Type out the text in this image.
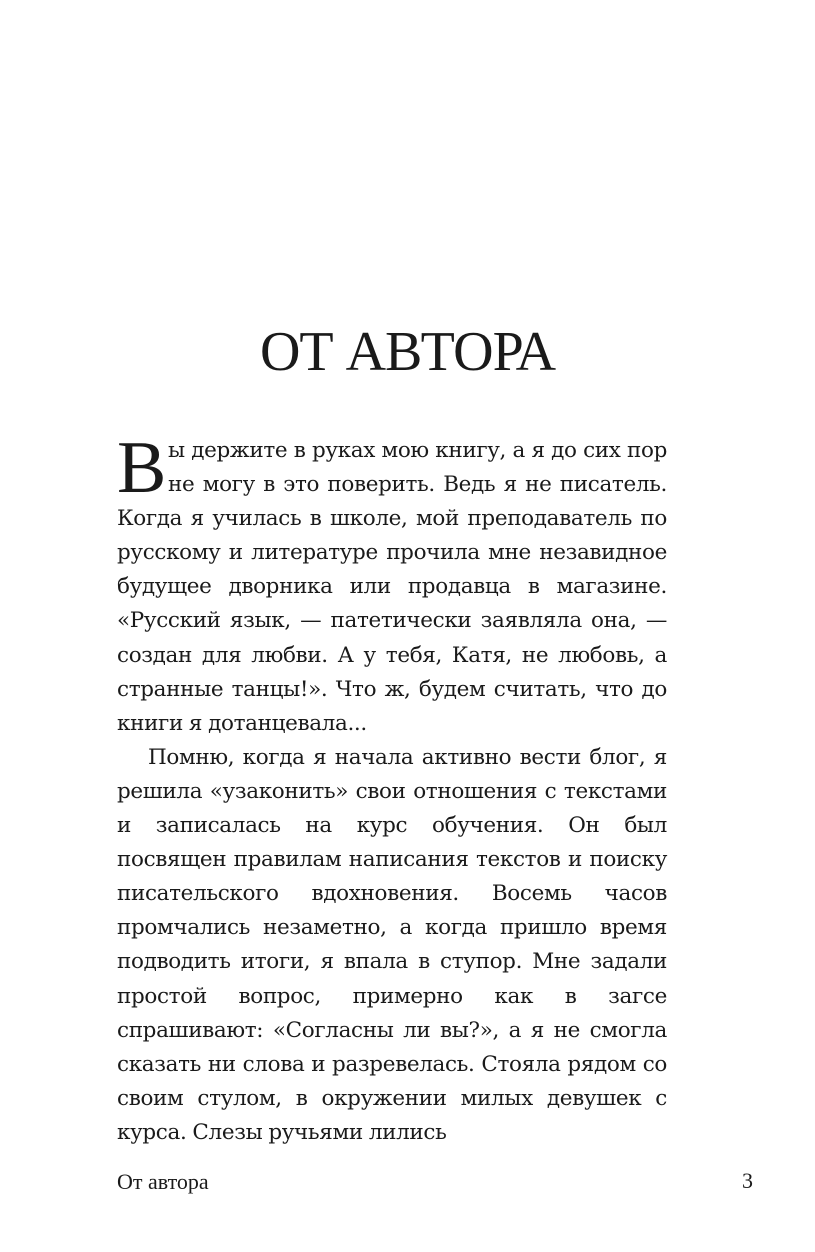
ОТ АВТОРА

Вы держите в руках мою книгу, а я до сих пор не могу в это поверить. Ведь я не писатель. Когда я училась в школе, мой преподаватель по русскому и литературе прочила мне незавидное будущее дворника или продавца в магазине. «Русский язык, — патетически заявляла она, — создан для любви. А у тебя, Катя, не любовь, а странные танцы!». Что ж, будем считать, что до книги я дотанцевала...

Помню, когда я начала активно вести блог, я решила «узаконить» свои отношения с текстами и записалась на курс обучения. Он был посвящен правилам написания текстов и поиску писательского вдохновения. Восемь часов промчались незаметно, а когда пришло время подводить итоги, я впала в ступор. Мне задали простой вопрос, примерно как в загсе спрашивают: «Согласны ли вы?», а я не смогла сказать ни слова и разревелась. Стояла рядом со своим стулом, в окружении милых девушек с курса. Слезы ручьями лились

От автора	3
